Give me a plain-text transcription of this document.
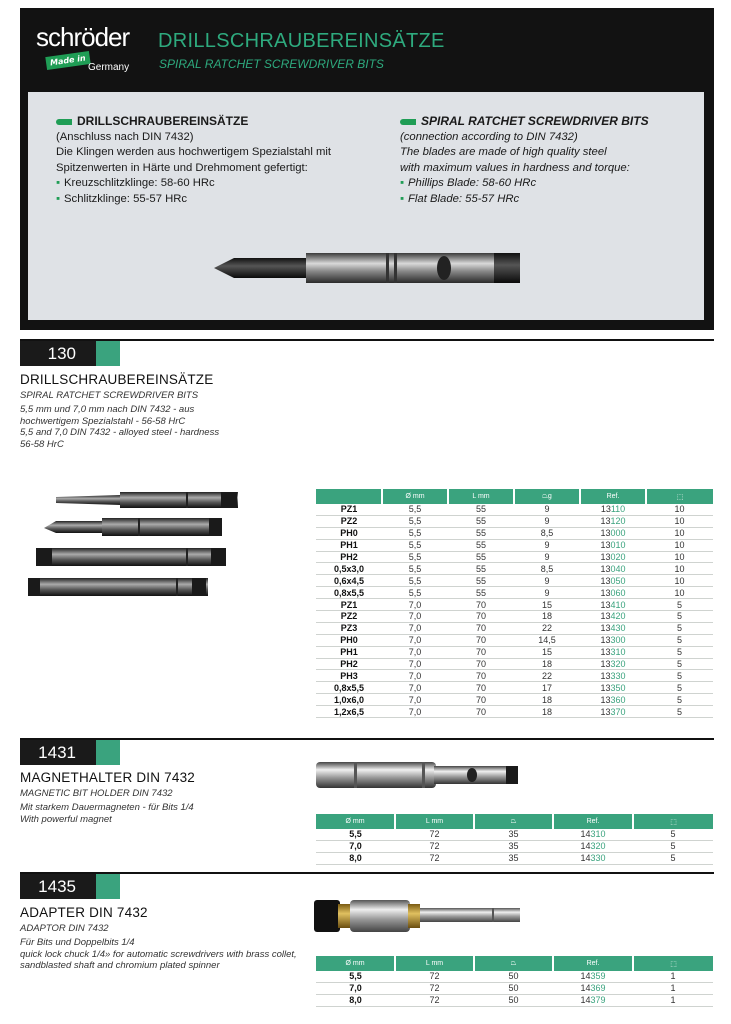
schröder
Made in
Germany
DRILLSCHRAUBEREINSÄTZE
SPIRAL RATCHET SCREWDRIVER BITS
DRILLSCHRAUBEREINSÄTZE
(Anschluss nach DIN 7432)
Die Klingen werden aus hochwertigem Spezialstahl mit
Spitzenwerten in Härte und Drehmoment gefertigt:
▪ Kreuzschlitzklinge: 58-60 HRc
▪ Schlitzklinge: 55-57 HRc
SPIRAL RATCHET SCREWDRIVER BITS
(connection according to DIN 7432)
The blades are made of high quality steel
with maximum values in hardness and torque:
▪ Phillips Blade: 58-60 HRc
▪ Flat Blade: 55-57 HRc
130
DRILLSCHRAUBEREINSÄTZE
SPIRAL RATCHET SCREWDRIVER BITS
5,5 mm und 7,0 mm nach DIN 7432 - aus
hochwertigem Spezialstahl - 56-58 HrC
5,5 and 7,0 DIN 7432 - alloyed steel - hardness
56-58 HrC
	Ø mm	L mm	⏢g	Ref.	⬚
PZ1	5,5	55	9	13110	10
PZ2	5,5	55	9	13120	10
PH0	5,5	55	8,5	13000	10
PH1	5,5	55	9	13010	10
PH2	5,5	55	9	13020	10
0,5x3,0	5,5	55	8,5	13040	10
0,6x4,5	5,5	55	9	13050	10
0,8x5,5	5,5	55	9	13060	10
PZ1	7,0	70	15	13410	5
PZ2	7,0	70	18	13420	5
PZ3	7,0	70	22	13430	5
PH0	7,0	70	14,5	13300	5
PH1	7,0	70	15	13310	5
PH2	7,0	70	18	13320	5
PH3	7,0	70	22	13330	5
0,8x5,5	7,0	70	17	13350	5
1,0x6,0	7,0	70	18	13360	5
1,2x6,5	7,0	70	18	13370	5
1431
MAGNETHALTER DIN 7432
MAGNETIC BIT HOLDER DIN 7432
Mit starkem Dauermagneten - für Bits 1/4
With powerful magnet	Ø mm	L mm	⏢	Ref.	⬚
5,5	72	35	14310	5
7,0	72	35	14320	5
8,0	72	35	14330	5
1435
ADAPTER DIN 7432
ADAPTOR DIN 7432
Für Bits und Doppelbits 1/4
quick lock chuck 1/4» for automatic screwdrivers with brass collet,
sandblasted shaft and chromium plated spinner	Ø mm	L mm	⏢	Ref.	⬚
5,5	72	50	14359	1
7,0	72	50	14369	1
8,0	72	50	14379	1
